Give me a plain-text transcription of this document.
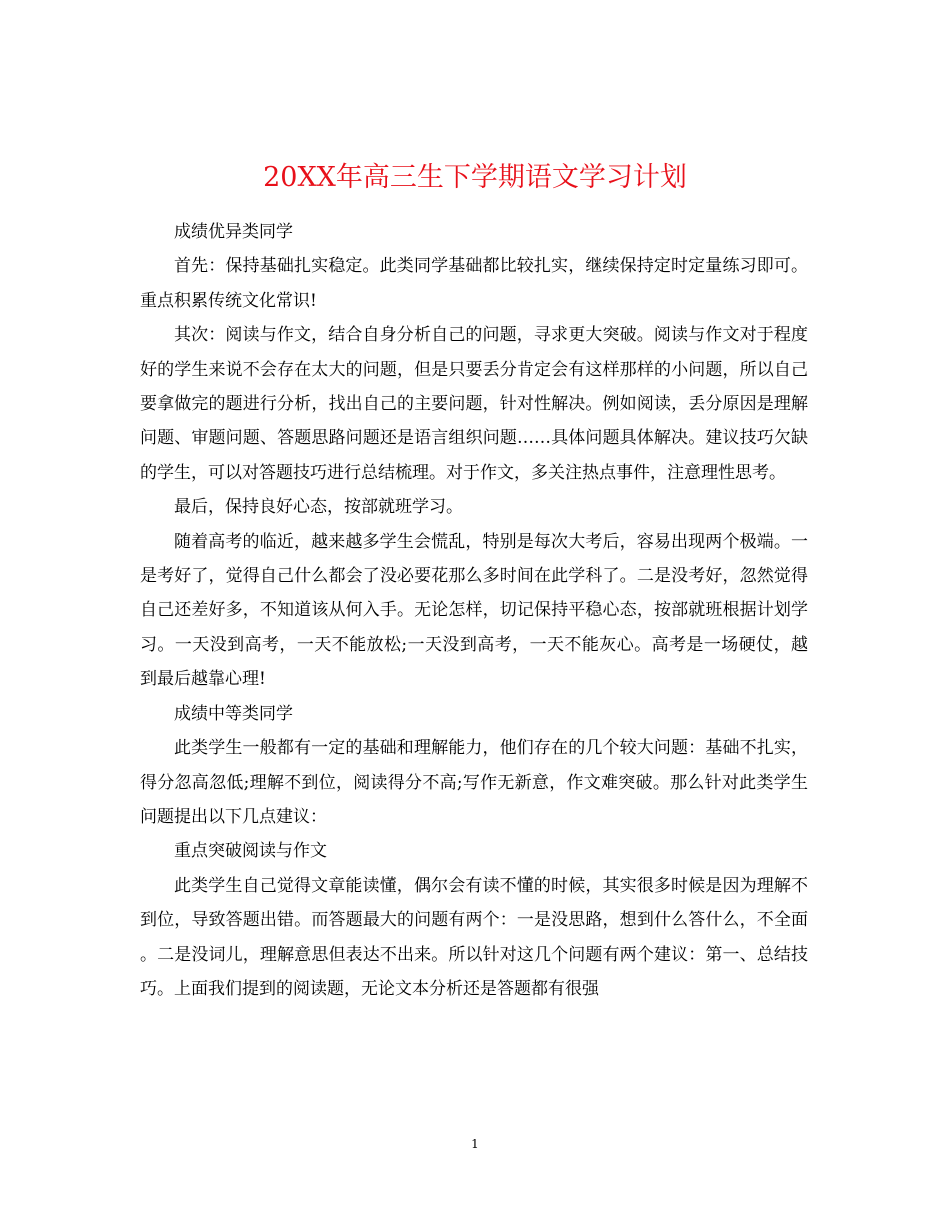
20XX年高三生下学期语文学习计划

成绩优异类同学

首先：保持基础扎实稳定。此类同学基础都比较扎实，继续保持定时定量练习即可。重点积累传统文化常识!

其次：阅读与作文，结合自身分析自己的问题，寻求更大突破。阅读与作文对于程度好的学生来说不会存在太大的问题，但是只要丢分肯定会有这样那样的小问题，所以自己要拿做完的题进行分析，找出自己的主要问题，针对性解决。例如阅读，丢分原因是理解问题、审题问题、答题思路问题还是语言组织问题……具体问题具体解决。建议技巧欠缺的学生，可以对答题技巧进行总结梳理。对于作文，多关注热点事件，注意理性思考。

最后，保持良好心态，按部就班学习。

随着高考的临近，越来越多学生会慌乱，特别是每次大考后，容易出现两个极端。一是考好了，觉得自己什么都会了没必要花那么多时间在此学科了。二是没考好，忽然觉得自己还差好多，不知道该从何入手。无论怎样，切记保持平稳心态，按部就班根据计划学习。一天没到高考，一天不能放松;一天没到高考，一天不能灰心。高考是一场硬仗，越到最后越靠心理!

成绩中等类同学

此类学生一般都有一定的基础和理解能力，他们存在的几个较大问题：基础不扎实，得分忽高忽低;理解不到位，阅读得分不高;写作无新意，作文难突破。那么针对此类学生问题提出以下几点建议：

重点突破阅读与作文

此类学生自己觉得文章能读懂，偶尔会有读不懂的时候，其实很多时候是因为理解不到位，导致答题出错。而答题最大的问题有两个：一是没思路，想到什么答什么，不全面。二是没词儿，理解意思但表达不出来。所以针对这几个问题有两个建议：第一、总结技巧。上面我们提到的阅读题，无论文本分析还是答题都有很强

1
